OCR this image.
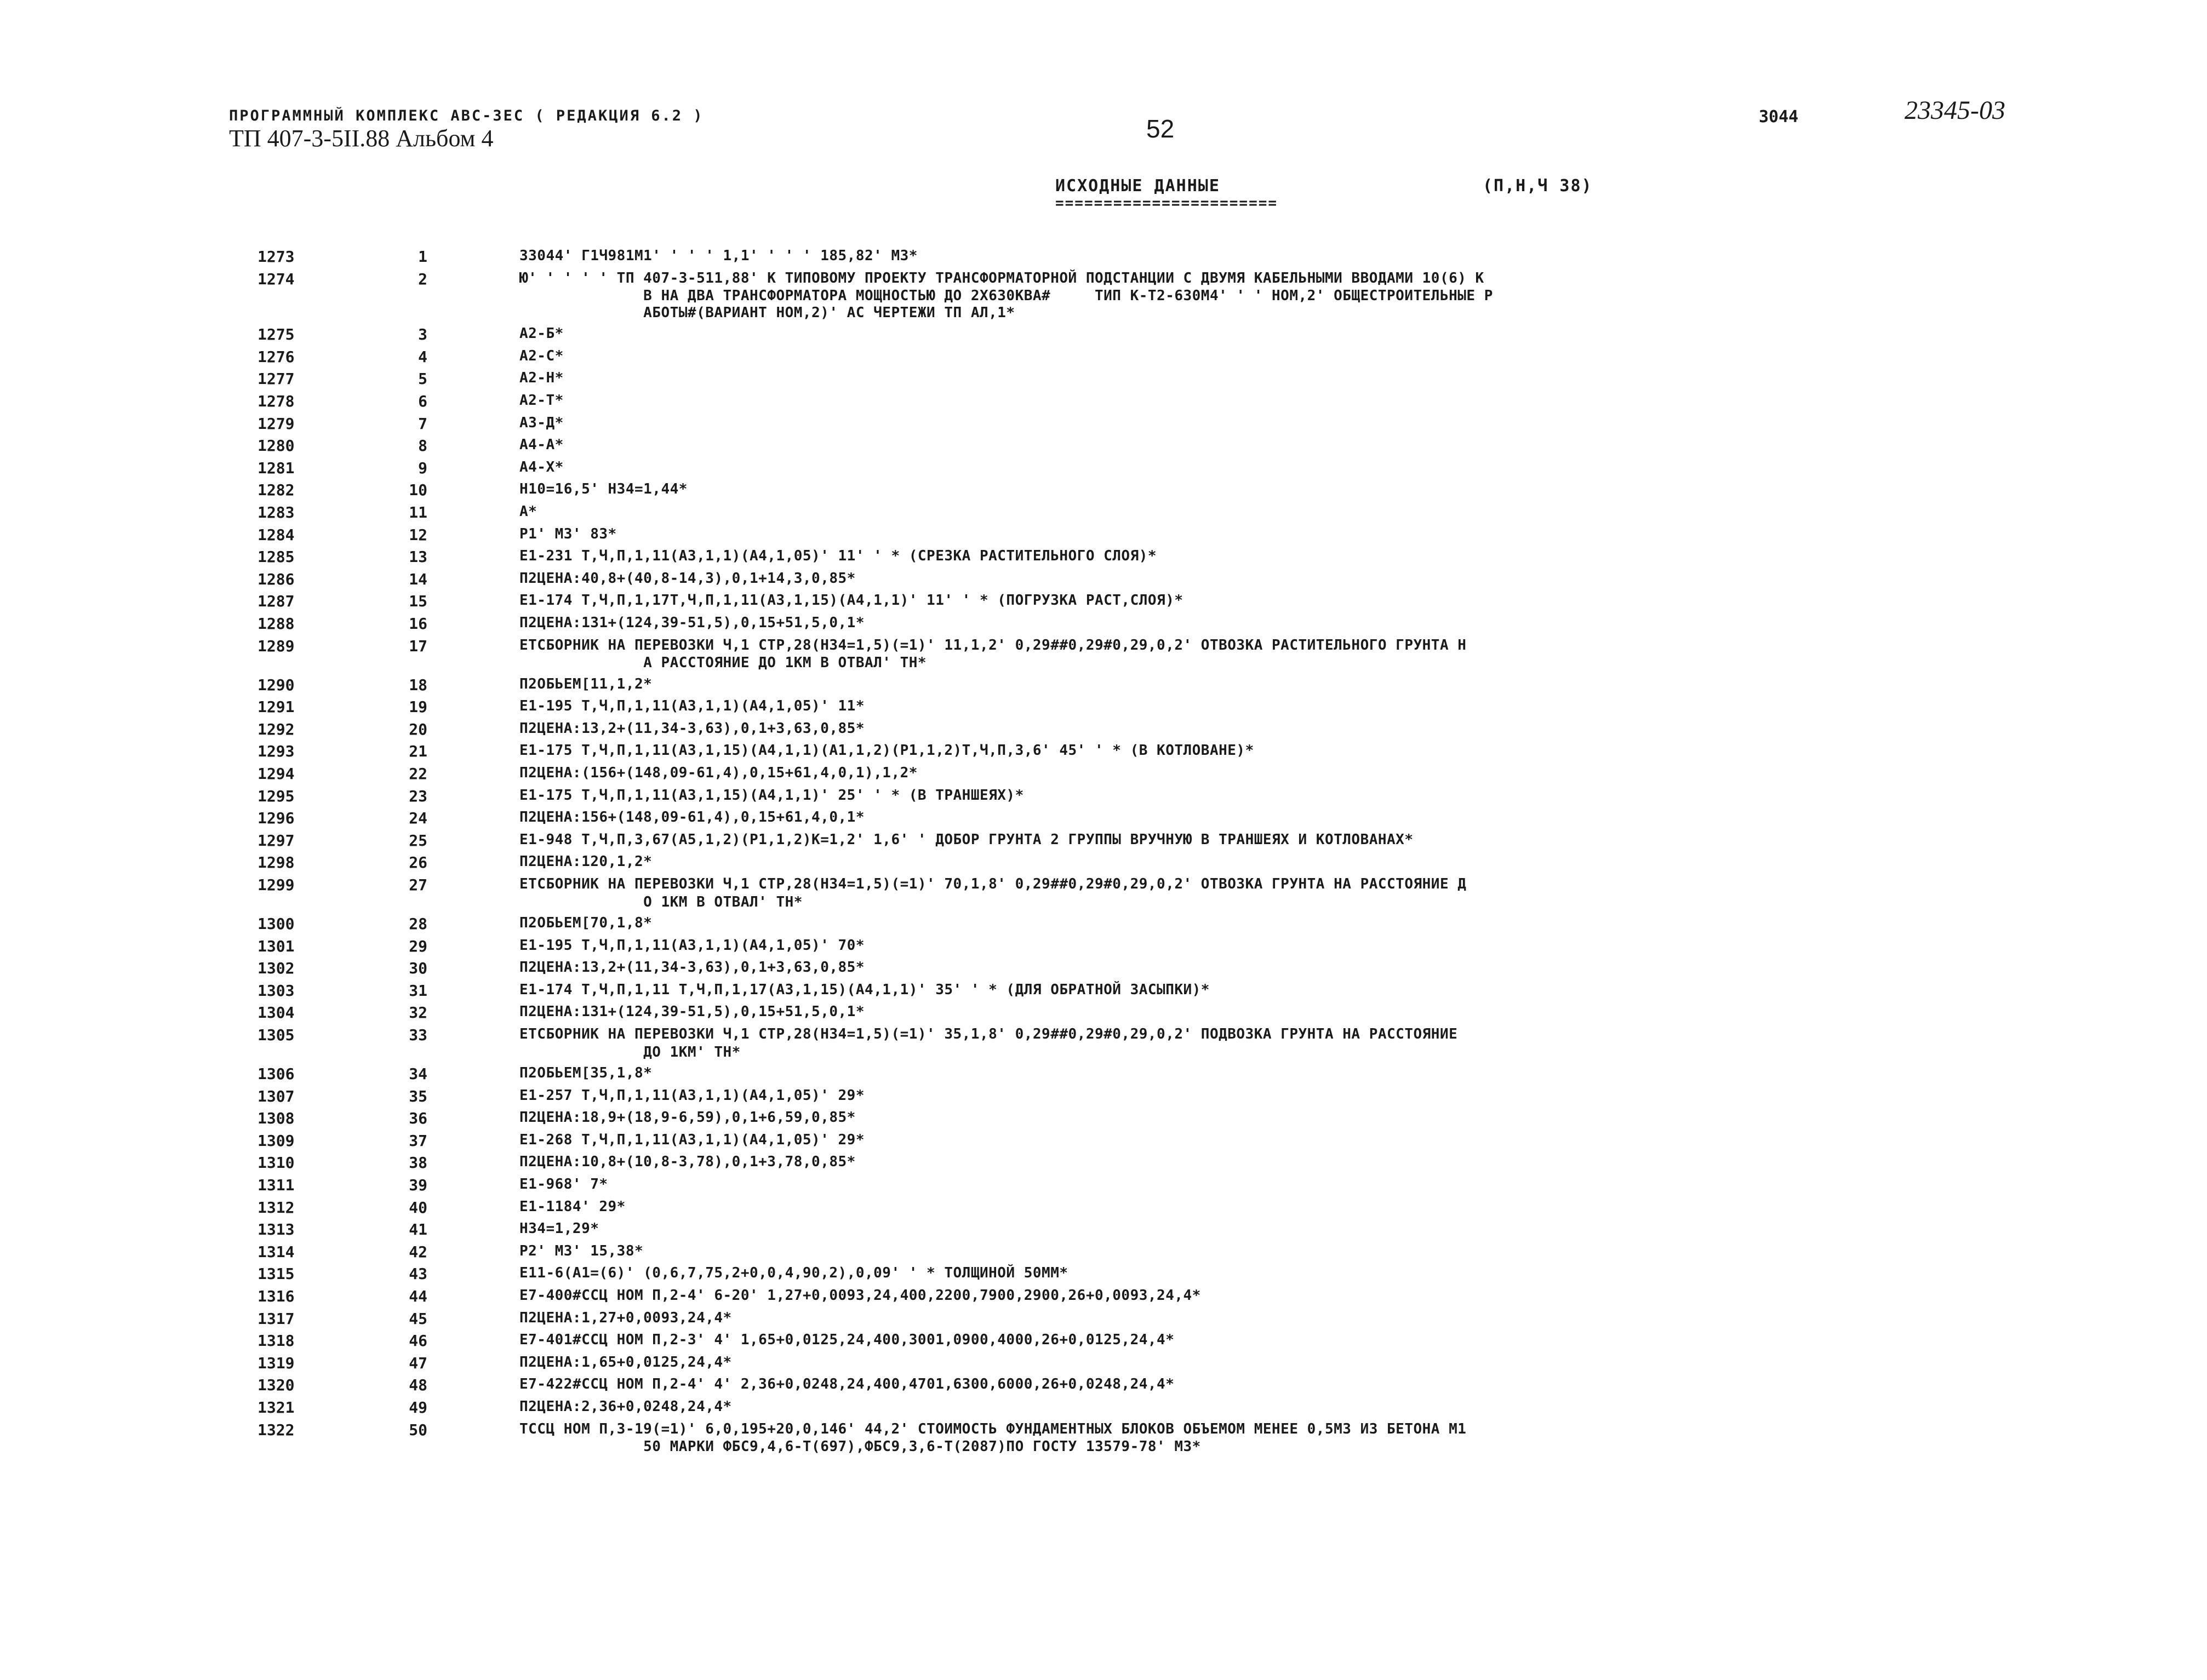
ПРОГРАММНЫЙ КОМПЛЕКС АВС-ЗЕС ( РЕДАКЦИЯ 6.2 )
ТП 407-3-5II.88 Альбом 4	52	3044	23345-03
ИСХОДНЫЕ ДАННЫЕ
=======================
(П,Н,Ч 38)
1273	1	33044' Г1Ч981М1' ' ' ' 1,1' ' ' ' 185,82' М3*
1274	2	Ю' ' ' ' ' ТП 407-3-511,88' К ТИПОВОМУ ПРОЕКТУ ТРАНСФОРМАТОРНОЙ ПОДСТАНЦИИ С ДВУМЯ КАБЕЛЬНЫМИ ВВОДАМИ 10(6) К
В НА ДВА ТРАНСФОРМАТОРА МОЩНОСТЬЮ ДО 2Х630КВА#     ТИП К-Т2-630М4' ' ' НОМ,2' ОБЩЕСТРОИТЕЛЬНЫЕ Р
АБОТЫ#(ВАРИАНТ НОМ,2)' АС ЧЕРТЕЖИ ТП АЛ,1*
1275	3	А2-Б*
1276	4	А2-С*
1277	5	А2-Н*
1278	6	А2-Т*
1279	7	А3-Д*
1280	8	А4-А*
1281	9	А4-Х*
1282	10	Н10=16,5' Н34=1,44*
1283	11	А*
1284	12	Р1' М3' 83*
1285	13	Е1-231 Т,Ч,П,1,11(А3,1,1)(А4,1,05)' 11' ' * (СРЕЗКА РАСТИТЕЛЬНОГО СЛОЯ)*
1286	14	П2ЦЕНА:40,8+(40,8-14,3),0,1+14,3,0,85*
1287	15	Е1-174 Т,Ч,П,1,17Т,Ч,П,1,11(А3,1,15)(А4,1,1)' 11' ' * (ПОГРУЗКА РАСТ,СЛОЯ)*
1288	16	П2ЦЕНА:131+(124,39-51,5),0,15+51,5,0,1*
1289	17	ЕТСБОРНИК НА ПЕРЕВОЗКИ Ч,1 СТР,28(Н34=1,5)(=1)' 11,1,2' 0,29##0,29#0,29,0,2' ОТВОЗКА РАСТИТЕЛЬНОГО ГРУНТА Н
А РАССТОЯНИЕ ДО 1КМ В ОТВАЛ' ТН*
1290	18	П2ОБЬЕМ[11,1,2*
1291	19	Е1-195 Т,Ч,П,1,11(А3,1,1)(А4,1,05)' 11*
1292	20	П2ЦЕНА:13,2+(11,34-3,63),0,1+3,63,0,85*
1293	21	Е1-175 Т,Ч,П,1,11(А3,1,15)(А4,1,1)(А1,1,2)(Р1,1,2)Т,Ч,П,3,6' 45' ' * (В КОТЛОВАНЕ)*
1294	22	П2ЦЕНА:(156+(148,09-61,4),0,15+61,4,0,1),1,2*
1295	23	Е1-175 Т,Ч,П,1,11(А3,1,15)(А4,1,1)' 25' ' * (В ТРАНШЕЯХ)*
1296	24	П2ЦЕНА:156+(148,09-61,4),0,15+61,4,0,1*
1297	25	Е1-948 Т,Ч,П,3,67(А5,1,2)(Р1,1,2)К=1,2' 1,6' ' ДОБОР ГРУНТА 2 ГРУППЫ ВРУЧНУЮ В ТРАНШЕЯХ И КОТЛОВАНАХ*
1298	26	П2ЦЕНА:120,1,2*
1299	27	ЕТСБОРНИК НА ПЕРЕВОЗКИ Ч,1 СТР,28(Н34=1,5)(=1)' 70,1,8' 0,29##0,29#0,29,0,2' ОТВОЗКА ГРУНТА НА РАССТОЯНИЕ Д
О 1КМ В ОТВАЛ' ТН*
1300	28	П2ОБЬЕМ[70,1,8*
1301	29	Е1-195 Т,Ч,П,1,11(А3,1,1)(А4,1,05)' 70*
1302	30	П2ЦЕНА:13,2+(11,34-3,63),0,1+3,63,0,85*
1303	31	Е1-174 Т,Ч,П,1,11 Т,Ч,П,1,17(А3,1,15)(А4,1,1)' 35' ' * (ДЛЯ ОБРАТНОЙ ЗАСЫПКИ)*
1304	32	П2ЦЕНА:131+(124,39-51,5),0,15+51,5,0,1*
1305	33	ЕТСБОРНИК НА ПЕРЕВОЗКИ Ч,1 СТР,28(Н34=1,5)(=1)' 35,1,8' 0,29##0,29#0,29,0,2' ПОДВОЗКА ГРУНТА НА РАССТОЯНИЕ
ДО 1КМ' ТН*
1306	34	П2ОБЬЕМ[35,1,8*
1307	35	Е1-257 Т,Ч,П,1,11(А3,1,1)(А4,1,05)' 29*
1308	36	П2ЦЕНА:18,9+(18,9-6,59),0,1+6,59,0,85*
1309	37	Е1-268 Т,Ч,П,1,11(А3,1,1)(А4,1,05)' 29*
1310	38	П2ЦЕНА:10,8+(10,8-3,78),0,1+3,78,0,85*
1311	39	Е1-968' 7*
1312	40	Е1-1184' 29*
1313	41	Н34=1,29*
1314	42	Р2' М3' 15,38*
1315	43	Е11-6(А1=(6)' (0,6,7,75,2+0,0,4,90,2),0,09' ' * ТОЛЩИНОЙ 50ММ*
1316	44	Е7-400#ССЦ НОМ П,2-4' 6-20' 1,27+0,0093,24,400,2200,7900,2900,26+0,0093,24,4*
1317	45	П2ЦЕНА:1,27+0,0093,24,4*
1318	46	Е7-401#ССЦ НОМ П,2-3' 4' 1,65+0,0125,24,400,3001,0900,4000,26+0,0125,24,4*
1319	47	П2ЦЕНА:1,65+0,0125,24,4*
1320	48	Е7-422#ССЦ НОМ П,2-4' 4' 2,36+0,0248,24,400,4701,6300,6000,26+0,0248,24,4*
1321	49	П2ЦЕНА:2,36+0,0248,24,4*
1322	50	ТССЦ НОМ П,3-19(=1)' 6,0,195+20,0,146' 44,2' СТОИМОСТЬ ФУНДАМЕНТНЫХ БЛОКОВ ОБЪЕМОМ МЕНЕЕ 0,5М3 ИЗ БЕТОНА М1
50 МАРКИ ФБС9,4,6-Т(697),ФБС9,3,6-Т(2087)ПО ГОСТУ 13579-78' М3*
